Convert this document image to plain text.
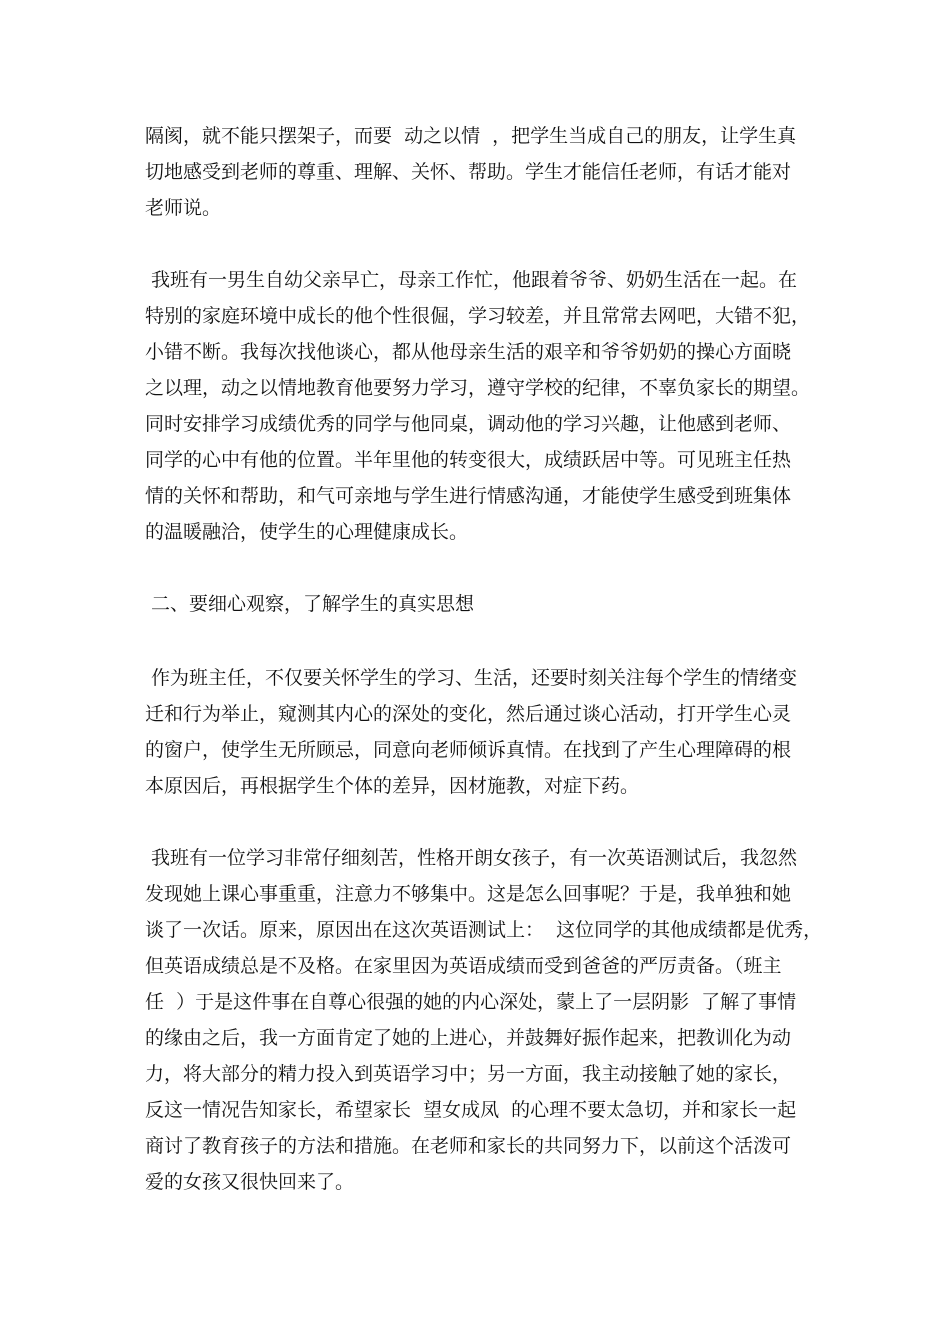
隔阂，就不能只摆架子，而要  动之以情  ，把学生当成自己的朋友，让学生真

切地感受到老师的尊重、理解、关怀、帮助。学生才能信任老师，有话才能对

老师说。

我班有一男生自幼父亲早亡，母亲工作忙，他跟着爷爷、奶奶生活在一起。在

特别的家庭环境中成长的他个性很倔，学习较差，并且常常去网吧，大错不犯，

小错不断。我每次找他谈心，都从他母亲生活的艰辛和爷爷奶奶的操心方面晓

之以理，动之以情地教育他要努力学习，遵守学校的纪律，不辜负家长的期望。

同时安排学习成绩优秀的同学与他同桌，调动他的学习兴趣，让他感到老师、

同学的心中有他的位置。半年里他的转变很大，成绩跃居中等。可见班主任热

情的关怀和帮助，和气可亲地与学生进行情感沟通，才能使学生感受到班集体

的温暖融洽，使学生的心理健康成长。

二、要细心观察，了解学生的真实思想

作为班主任，不仅要关怀学生的学习、生活，还要时刻关注每个学生的情绪变

迁和行为举止，窥测其内心的深处的变化，然后通过谈心活动，打开学生心灵

的窗户，使学生无所顾忌，同意向老师倾诉真情。在找到了产生心理障碍的根

本原因后，再根据学生个体的差异，因材施教，对症下药。

我班有一位学习非常仔细刻苦，性格开朗女孩子，有一次英语测试后，我忽然

发现她上课心事重重，注意力不够集中。这是怎么回事呢？于是，我单独和她

谈了一次话。原来，原因出在这次英语测试上：  这位同学的其他成绩都是优秀，

但英语成绩总是不及格。在家里因为英语成绩而受到爸爸的严厉责备。（班主

任  ）于是这件事在自尊心很强的她的内心深处，蒙上了一层阴影  了解了事情

的缘由之后，我一方面肯定了她的上进心，并鼓舞好振作起来，把教训化为动

力，将大部分的精力投入到英语学习中；另一方面，我主动接触了她的家长，

反这一情况告知家长，希望家长  望女成凤  的心理不要太急切，并和家长一起

商讨了教育孩子的方法和措施。在老师和家长的共同努力下，以前这个活泼可

爱的女孩又很快回来了。
